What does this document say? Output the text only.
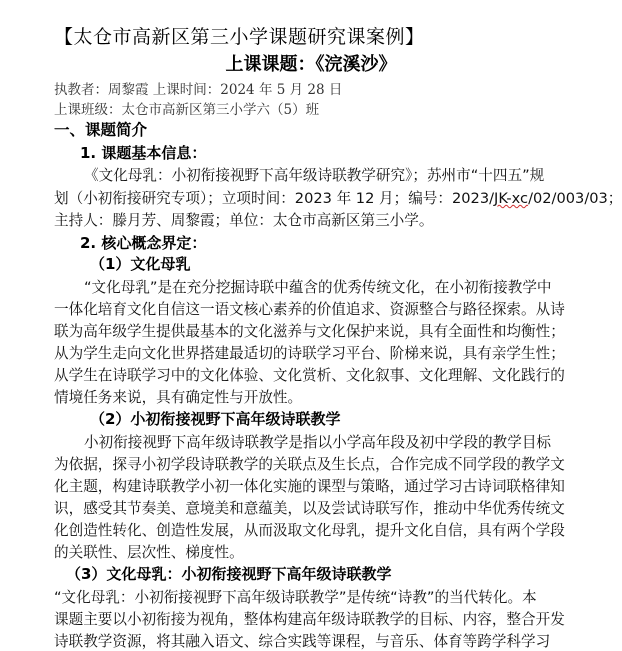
【太仓市高新区第三小学课题研究课案例】
上课课题：《浣溪沙》
执教者：周黎霞 上课时间：2024 年 5 月 28 日
上课班级：太仓市高新区第三小学六（5）班
一、课题简介
1. 课题基本信息：
《文化母乳：小初衔接视野下高年级诗联教学研究》；苏州市“十四五”规
划（小初衔接研究专项）；立项时间：2023 年 12 月；编号：2023/JK-xc/02/003/03；
主持人：滕月芳、周黎霞；单位：太仓市高新区第三小学。
2. 核心概念界定：
（1）文化母乳
“文化母乳”是在充分挖掘诗联中蕴含的优秀传统文化，在小初衔接教学中
一体化培育文化自信这一语文核心素养的价值追求、资源整合与路径探索。从诗
联为高年级学生提供最基本的文化滋养与文化保护来说，具有全面性和均衡性；
从为学生走向文化世界搭建最适切的诗联学习平台、阶梯来说，具有亲学生性；
从学生在诗联学习中的文化体验、文化赏析、文化叙事、文化理解、文化践行的
情境任务来说，具有确定性与开放性。
（2）小初衔接视野下高年级诗联教学
小初衔接视野下高年级诗联教学是指以小学高年段及初中学段的教学目标
为依据，探寻小初学段诗联教学的关联点及生长点，合作完成不同学段的教学文
化主题，构建诗联教学小初一体化实施的课型与策略，通过学习古诗词联格律知
识，感受其节奏美、意境美和意蕴美，以及尝试诗联写作，推动中华优秀传统文
化创造性转化、创造性发展，从而汲取文化母乳，提升文化自信，具有两个学段
的关联性、层次性、梯度性。
（3）文化母乳：小初衔接视野下高年级诗联教学
“文化母乳：小初衔接视野下高年级诗联教学”是传统“诗教”的当代转化。本
课题主要以小初衔接为视角，整体构建高年级诗联教学的目标、内容，整合开发
诗联教学资源，将其融入语文、综合实践等课程，与音乐、体育等跨学科学习
